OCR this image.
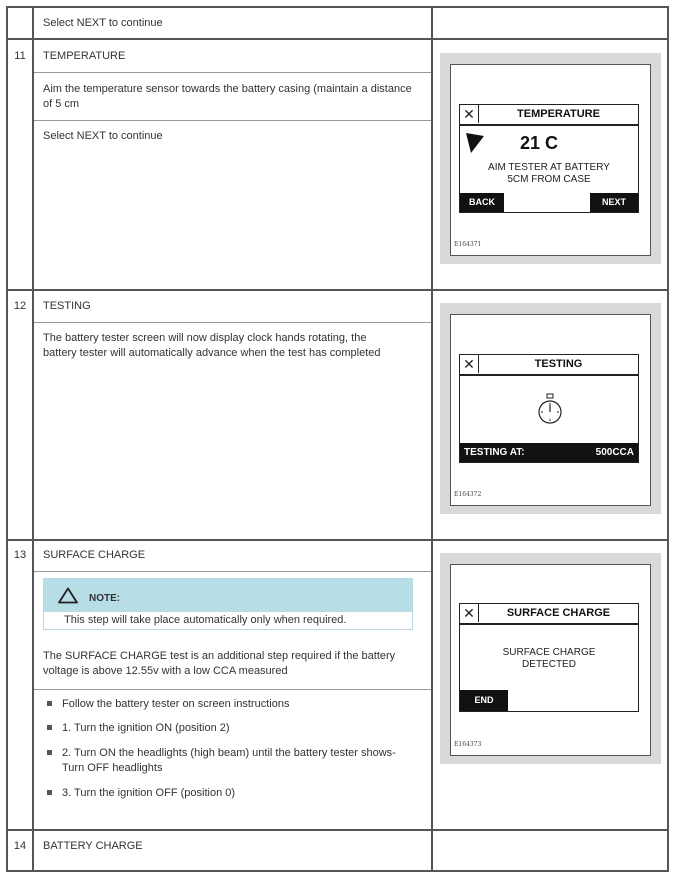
Select NEXT to continue
11	TEMPERATURE
Aim the temperature sensor towards the battery casing (maintain a distance of 5 cm
Select NEXT to continue
✕	TEMPERATURE
21 C
AIM TESTER AT BATTERY
5CM FROM CASE
BACK	NEXT
E164371
12	TESTING
The battery tester screen will now display clock hands rotating, the battery tester will automatically advance when the test has completed
✕	TESTING
TESTING AT:	500CCA
E164372
13	SURFACE CHARGE
NOTE:
This step will take place automatically only when required.
The SURFACE CHARGE test is an additional step required if the battery voltage is above 12.55v with a low CCA measured
Follow the battery tester on screen instructions
1. Turn the ignition ON (position 2)
2. Turn ON the headlights (high beam) until the battery tester shows- Turn OFF headlights
3. Turn the ignition OFF (position 0)
✕	SURFACE CHARGE
SURFACE CHARGE
DETECTED
END
E164373
14	BATTERY CHARGE
